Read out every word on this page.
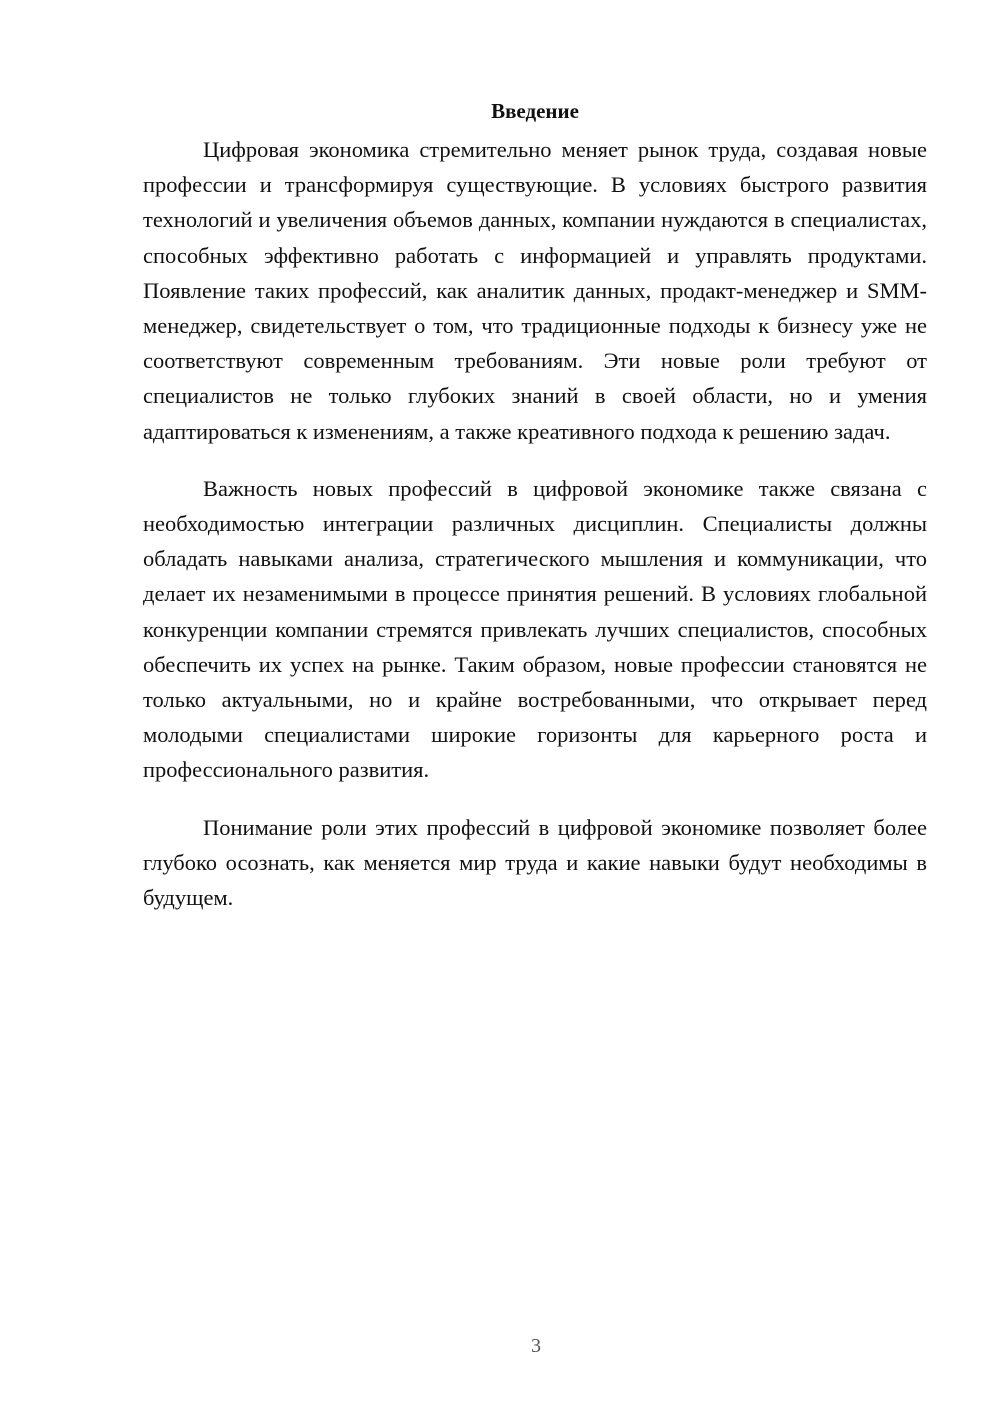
Введение

Цифровая экономика стремительно меняет рынок труда, создавая новые профессии и трансформируя существующие. В условиях быстрого развития технологий и увеличения объемов данных, компании нуждаются в специалистах, способных эффективно работать с информацией и управлять продуктами. Появление таких профессий, как аналитик данных, продакт-менеджер и SMM-менеджер, свидетельствует о том, что традиционные подходы к бизнесу уже не соответствуют современным требованиям. Эти новые роли требуют от специалистов не только глубоких знаний в своей области, но и умения адаптироваться к изменениям, а также креативного подхода к решению задач.

Важность новых профессий в цифровой экономике также связана с необходимостью интеграции различных дисциплин. Специалисты должны обладать навыками анализа, стратегического мышления и коммуникации, что делает их незаменимыми в процессе принятия решений. В условиях глобальной конкуренции компании стремятся привлекать лучших специалистов, способных обеспечить их успех на рынке. Таким образом, новые профессии становятся не только актуальными, но и крайне востребованными, что открывает перед молодыми специалистами широкие горизонты для карьерного роста и профессионального развития.

Понимание роли этих профессий в цифровой экономике позволяет более глубоко осознать, как меняется мир труда и какие навыки будут необходимы в будущем.

3
